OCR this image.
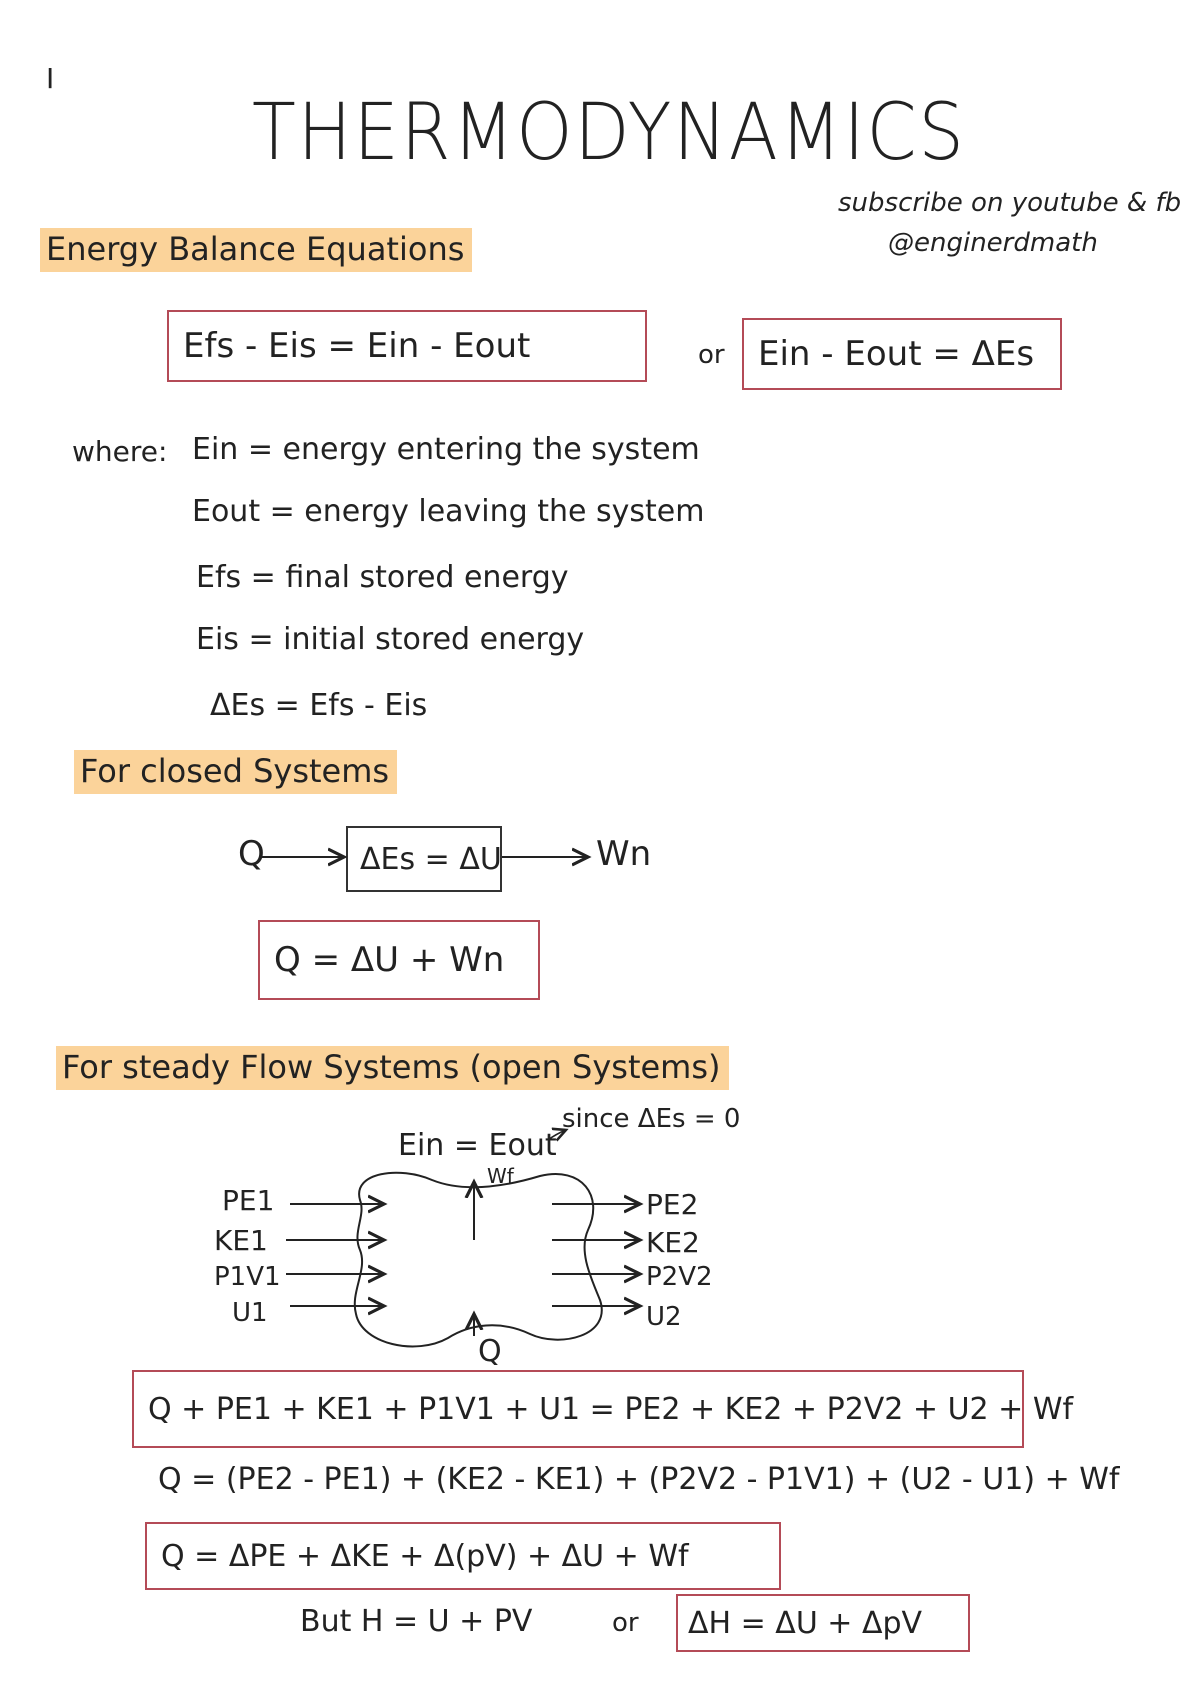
I
THERMODYNAMICS
subscribe on youtube & fb
@enginerdmath
Energy Balance Equations
Efs - Eis = Ein - Eout	or Ein - Eout = ΔEs
where: Ein = energy entering the system
Eout = energy leaving the system
Efs = final stored energy
Eis = initial stored energy
ΔEs = Efs - Eis
For closed Systems
Q	ΔEs = ΔU	Wn
Q = ΔU + Wn
For steady Flow Systems (open Systems)
Ein = Eout
since ΔEs = 0
Wf
PE1
KE1
P1V1
U1
PE2
KE2
P2V2
U2
Q
Q + PE1 + KE1 + P1V1 + U1 = PE2 + KE2 + P2V2 + U2 + Wf
Q = (PE2 - PE1) + (KE2 - KE1) + (P2V2 - P1V1) + (U2 - U1) + Wf
Q = ΔPE + ΔKE + Δ(pV) + ΔU + Wf
But H = U + PV	or ΔH = ΔU + ΔpV
